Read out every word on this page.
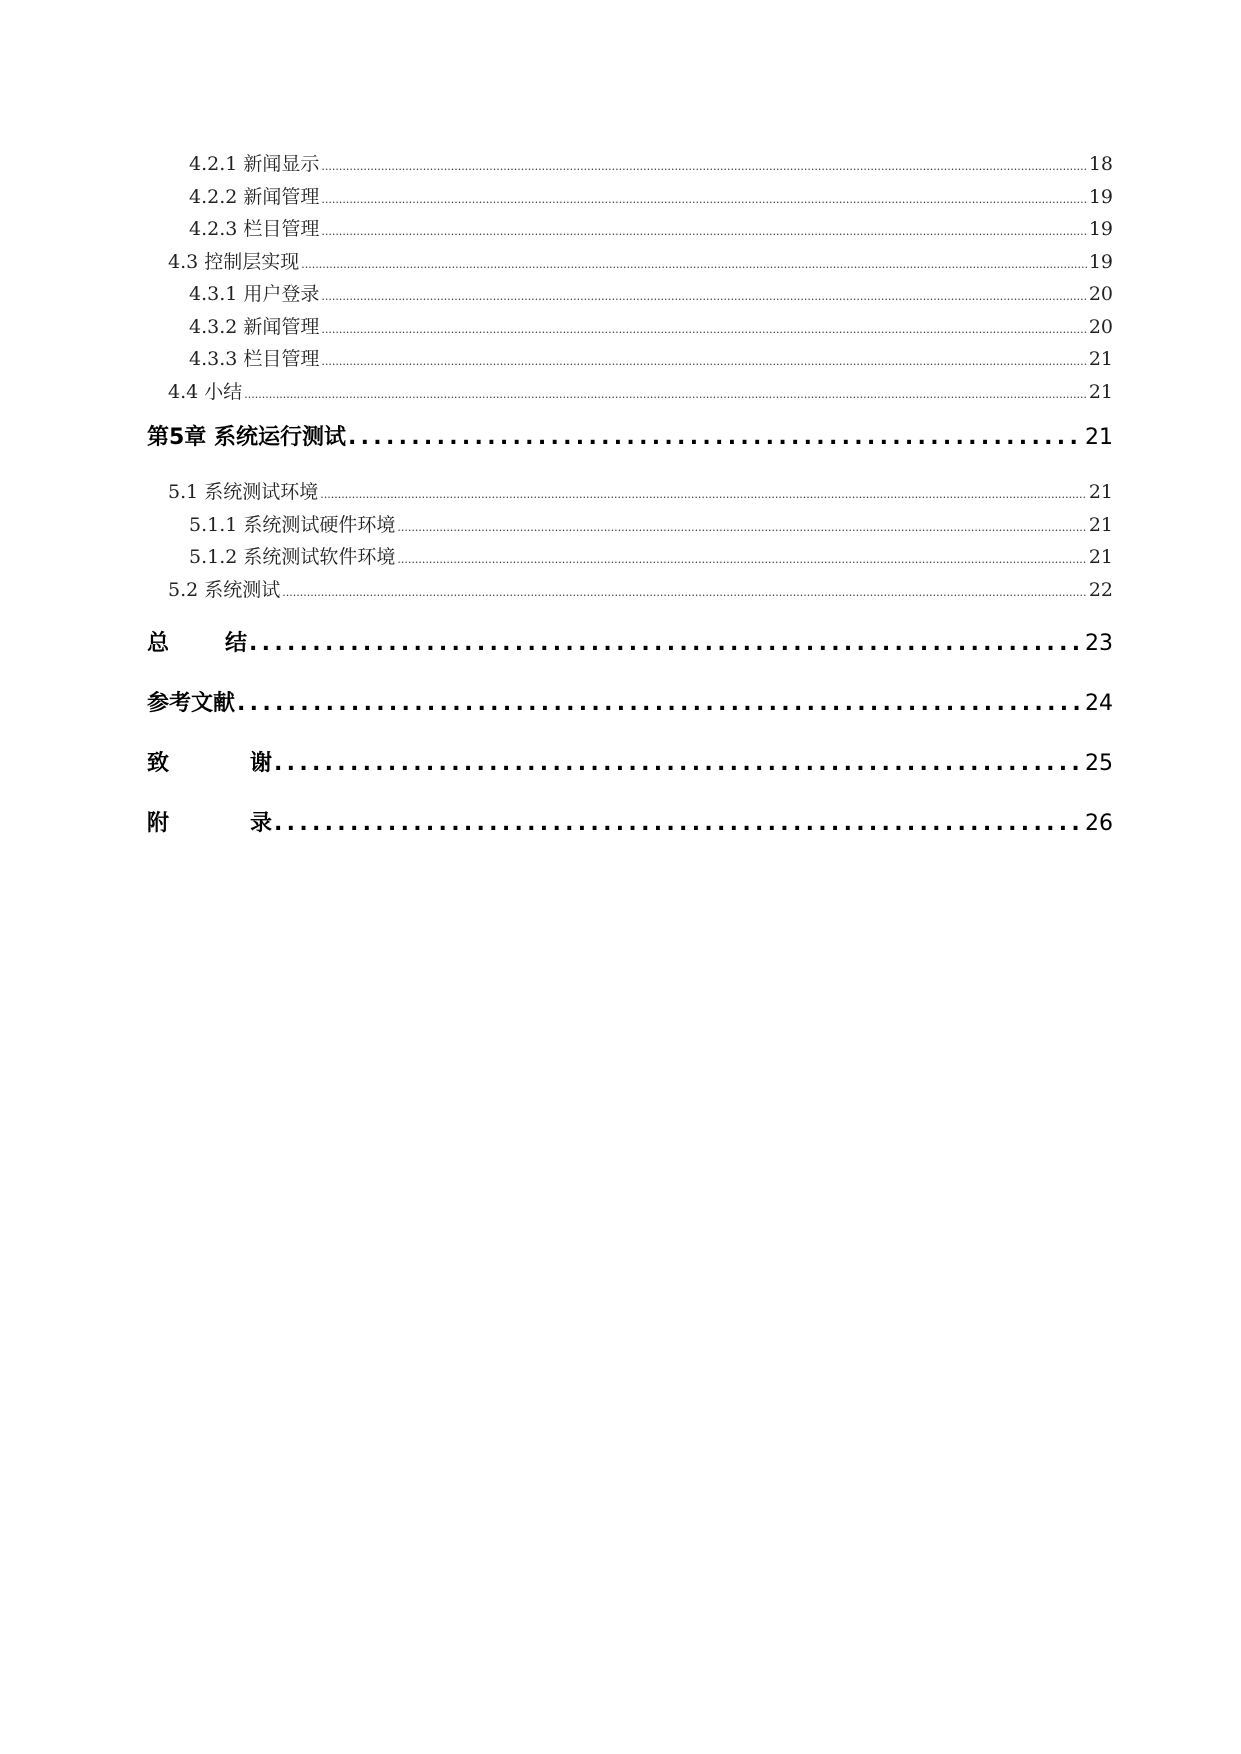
4.2.1 新闻显示 .....	18
4.2.2 新闻管理 .....	19
4.2.3 栏目管理 .....	19
4.3 控制层实现 .....	19
4.3.1 用户登录 .....	20
4.3.2 新闻管理 .....	20
4.3.3 栏目管理 .....	21
4.4 小结 .....	21
第5章 系统运行测试 .....	21
5.1 系统测试环境 .....	21
5.1.1 系统测试硬件环境 .....	21
5.1.2 系统测试软件环境 .....	21
5.2 系统测试 .....	22
总	结 .....	23
参考文献 .....	24
致	谢 .....	25
附	录 .....	26
